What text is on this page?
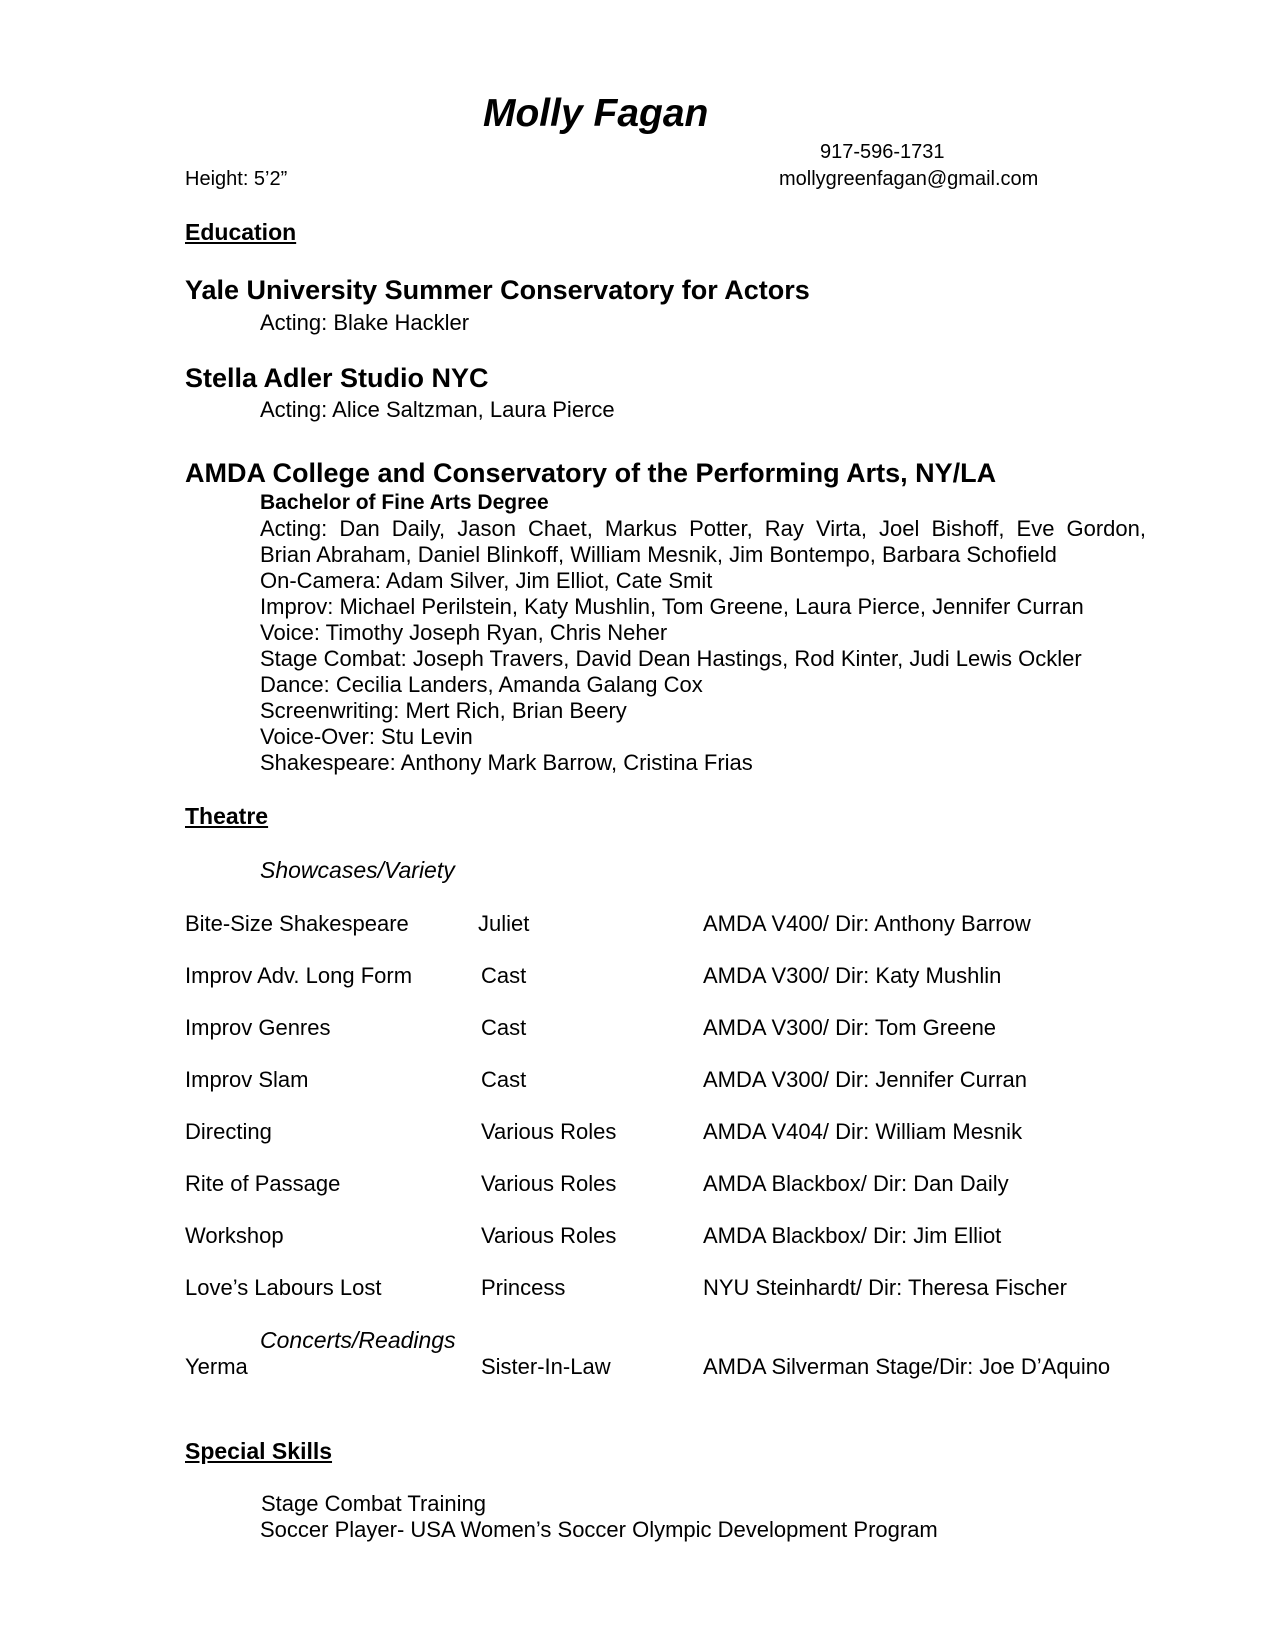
Molly Fagan
917-596-1731
Height: 5’2”	mollygreenfagan@gmail.com
Education
Yale University Summer Conservatory for Actors
Acting: Blake Hackler
Stella Adler Studio NYC
Acting: Alice Saltzman, Laura Pierce
AMDA College and Conservatory of the Performing Arts, NY/LA
Bachelor of Fine Arts Degree
Acting: Dan Daily, Jason Chaet, Markus Potter, Ray Virta, Joel Bishoff, Eve Gordon,
Brian Abraham, Daniel Blinkoff, William Mesnik, Jim Bontempo, Barbara Schofield
On-Camera: Adam Silver, Jim Elliot, Cate Smit
Improv: Michael Perilstein, Katy Mushlin, Tom Greene, Laura Pierce, Jennifer Curran
Voice: Timothy Joseph Ryan, Chris Neher
Stage Combat: Joseph Travers, David Dean Hastings, Rod Kinter, Judi Lewis Ockler
Dance: Cecilia Landers, Amanda Galang Cox
Screenwriting: Mert Rich, Brian Beery
Voice-Over: Stu Levin
Shakespeare: Anthony Mark Barrow, Cristina Frias
Theatre
Showcases/Variety
Bite-Size Shakespeare	Juliet	AMDA V400/ Dir: Anthony Barrow
Improv Adv. Long Form	Cast	AMDA V300/ Dir: Katy Mushlin
Improv Genres	Cast	AMDA V300/ Dir: Tom Greene
Improv Slam	Cast	AMDA V300/ Dir: Jennifer Curran
Directing	Various Roles	AMDA V404/ Dir: William Mesnik
Rite of Passage	Various Roles	AMDA Blackbox/ Dir: Dan Daily
Workshop	Various Roles	AMDA Blackbox/ Dir: Jim Elliot
Love’s Labours Lost	Princess	NYU Steinhardt/ Dir: Theresa Fischer
Concerts/Readings
Yerma	Sister-In-Law	AMDA Silverman Stage/Dir: Joe D’Aquino
Special Skills
Stage Combat Training
Soccer Player- USA Women’s Soccer Olympic Development Program
